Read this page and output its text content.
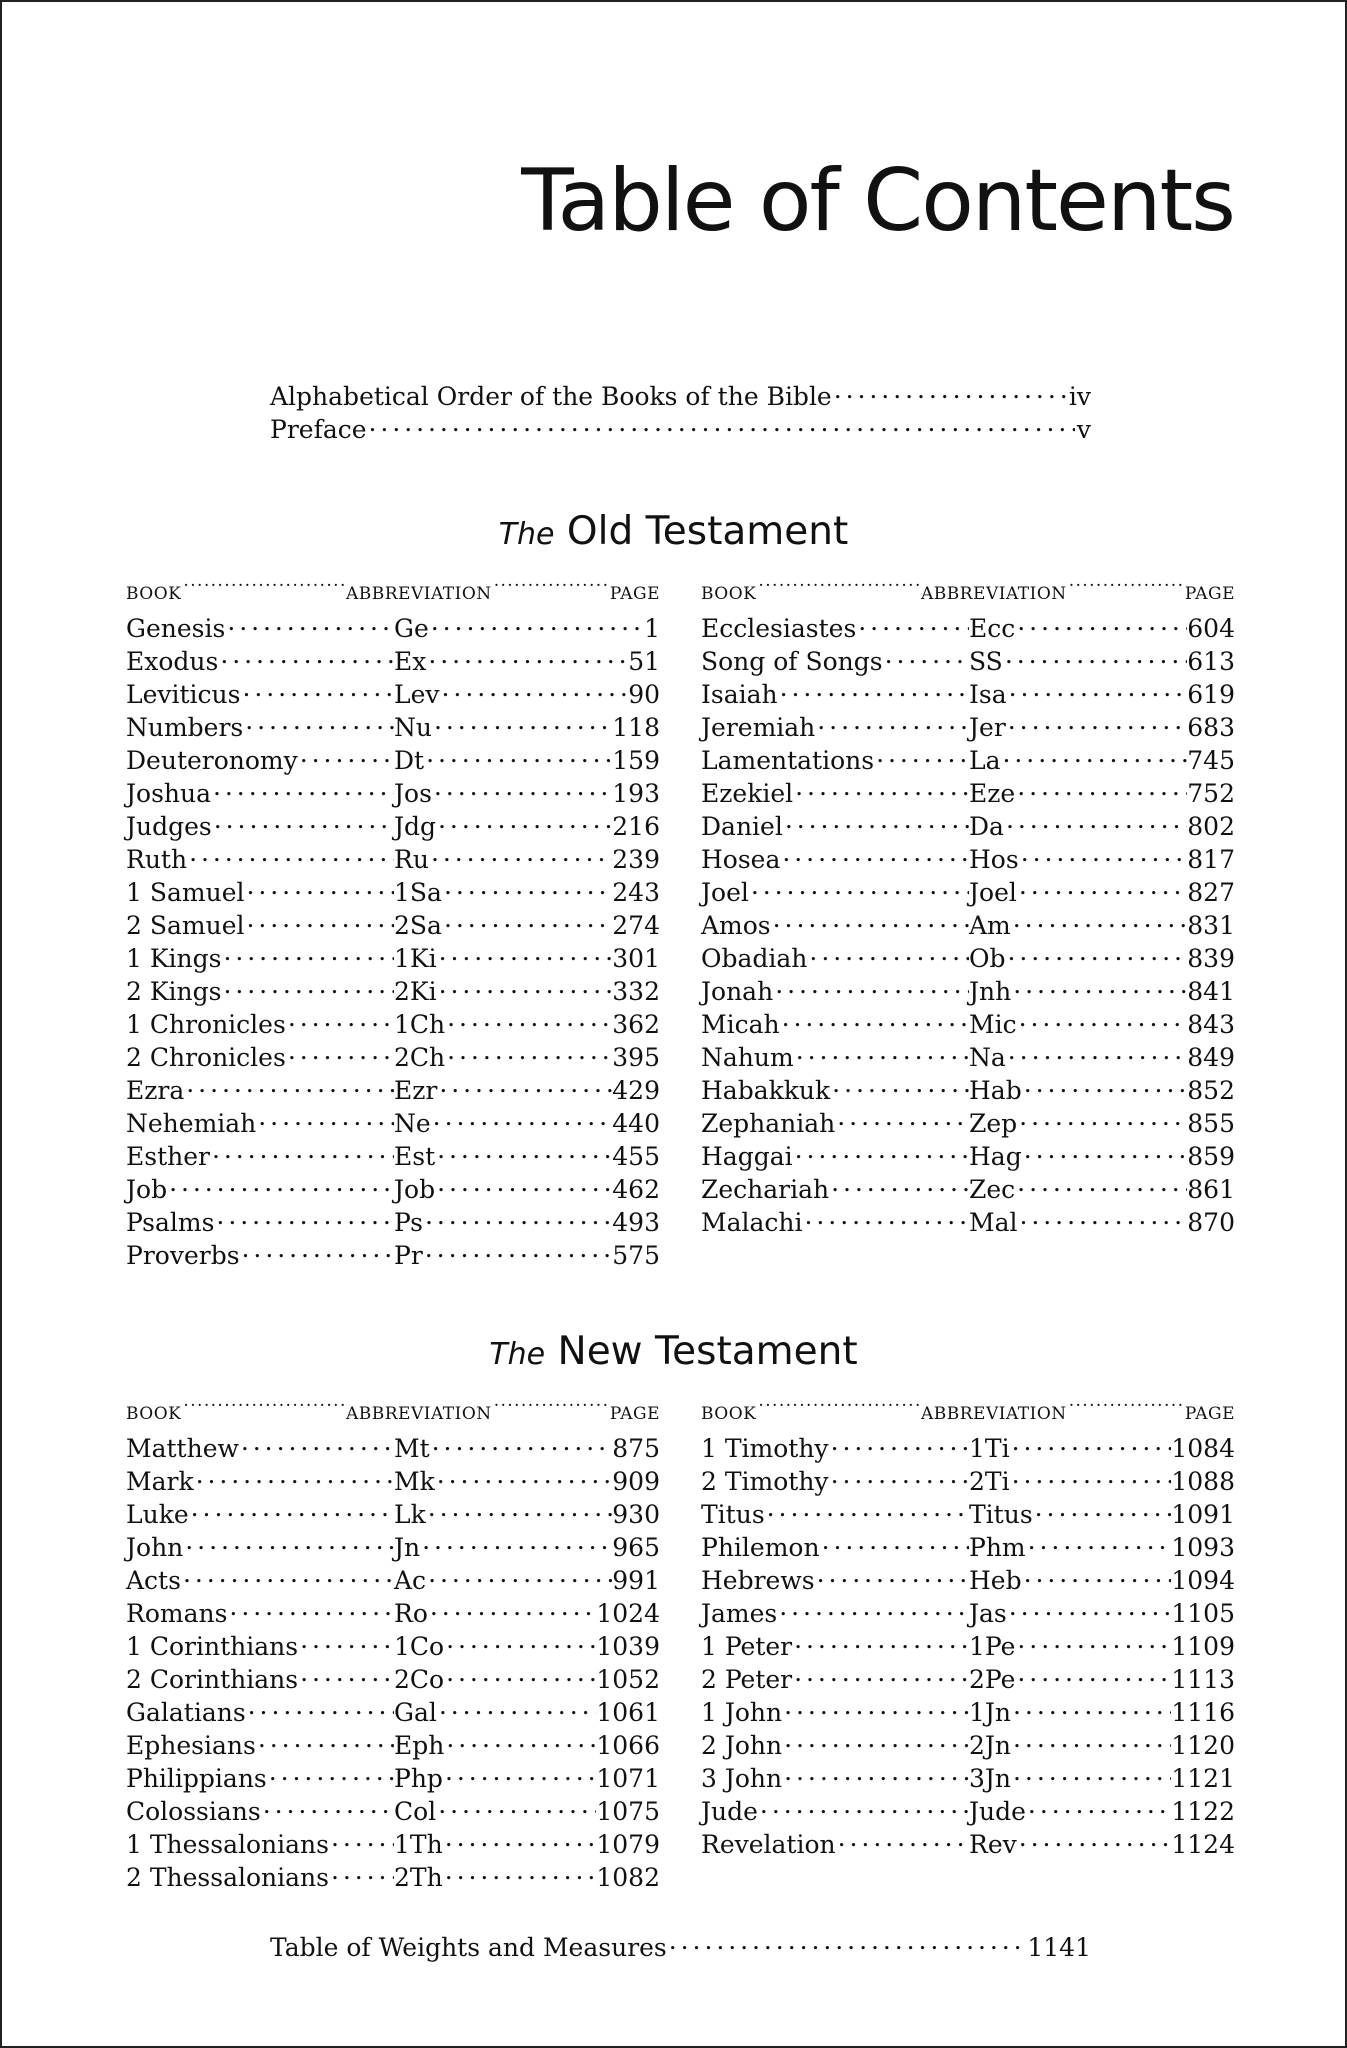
Table of Contents
Alphabetical Order of the Books of the Bible . . .	iv
Preface . . .	v
The Old Testament
BOOK . . .	ABBREVIATION . . .	PAGE
Genesis . . .	Ge . . .	1
Exodus . . .	Ex . . .	51
Leviticus . . .	Lev . . .	90
Numbers . . .	Nu . . .	118
Deuteronomy . . .	Dt . . .	159
Joshua . . .	Jos . . .	193
Judges . . .	Jdg . . .	216
Ruth . . .	Ru . . .	239
1 Samuel . . .	1Sa . . .	243
2 Samuel . . .	2Sa . . .	274
1 Kings . . .	1Ki . . .	301
2 Kings . . .	2Ki . . .	332
1 Chronicles . . .	1Ch . . .	362
2 Chronicles . . .	2Ch . . .	395
Ezra . . .	Ezr . . .	429
Nehemiah . . .	Ne . . .	440
Esther . . .	Est . . .	455
Job . . .	Job . . .	462
Psalms . . .	Ps . . .	493
Proverbs . . .	Pr . . .	575
BOOK . . .	ABBREVIATION . . .	PAGE
Ecclesiastes . . .	Ecc . . .	604
Song of Songs . . .	SS . . .	613
Isaiah . . .	Isa . . .	619
Jeremiah . . .	Jer . . .	683
Lamentations . . .	La . . .	745
Ezekiel . . .	Eze . . .	752
Daniel . . .	Da . . .	802
Hosea . . .	Hos . . .	817
Joel . . .	Joel . . .	827
Amos . . .	Am . . .	831
Obadiah . . .	Ob . . .	839
Jonah . . .	Jnh . . .	841
Micah . . .	Mic . . .	843
Nahum . . .	Na . . .	849
Habakkuk . . .	Hab . . .	852
Zephaniah . . .	Zep . . .	855
Haggai . . .	Hag . . .	859
Zechariah . . .	Zec . . .	861
Malachi . . .	Mal . . .	870
The New Testament
BOOK . . .	ABBREVIATION . . .	PAGE
Matthew . . .	Mt . . .	875
Mark . . .	Mk . . .	909
Luke . . .	Lk . . .	930
John . . .	Jn . . .	965
Acts . . .	Ac . . .	991
Romans . . .	Ro . . .	1024
1 Corinthians . . .	1Co . . .	1039
2 Corinthians . . .	2Co . . .	1052
Galatians . . .	Gal . . .	1061
Ephesians . . .	Eph . . .	1066
Philippians . . .	Php . . .	1071
Colossians . . .	Col . . .	1075
1 Thessalonians . . .	1Th . . .	1079
2 Thessalonians . . .	2Th . . .	1082
BOOK . . .	ABBREVIATION . . .	PAGE
1 Timothy . . .	1Ti . . .	1084
2 Timothy . . .	2Ti . . .	1088
Titus . . .	Titus . . .	1091
Philemon . . .	Phm . . .	1093
Hebrews . . .	Heb . . .	1094
James . . .	Jas . . .	1105
1 Peter . . .	1Pe . . .	1109
2 Peter . . .	2Pe . . .	1113
1 John . . .	1Jn . . .	1116
2 John . . .	2Jn . . .	1120
3 John . . .	3Jn . . .	1121
Jude . . .	Jude . . .	1122
Revelation . . .	Rev . . .	1124
Table of Weights and Measures . . .	1141
